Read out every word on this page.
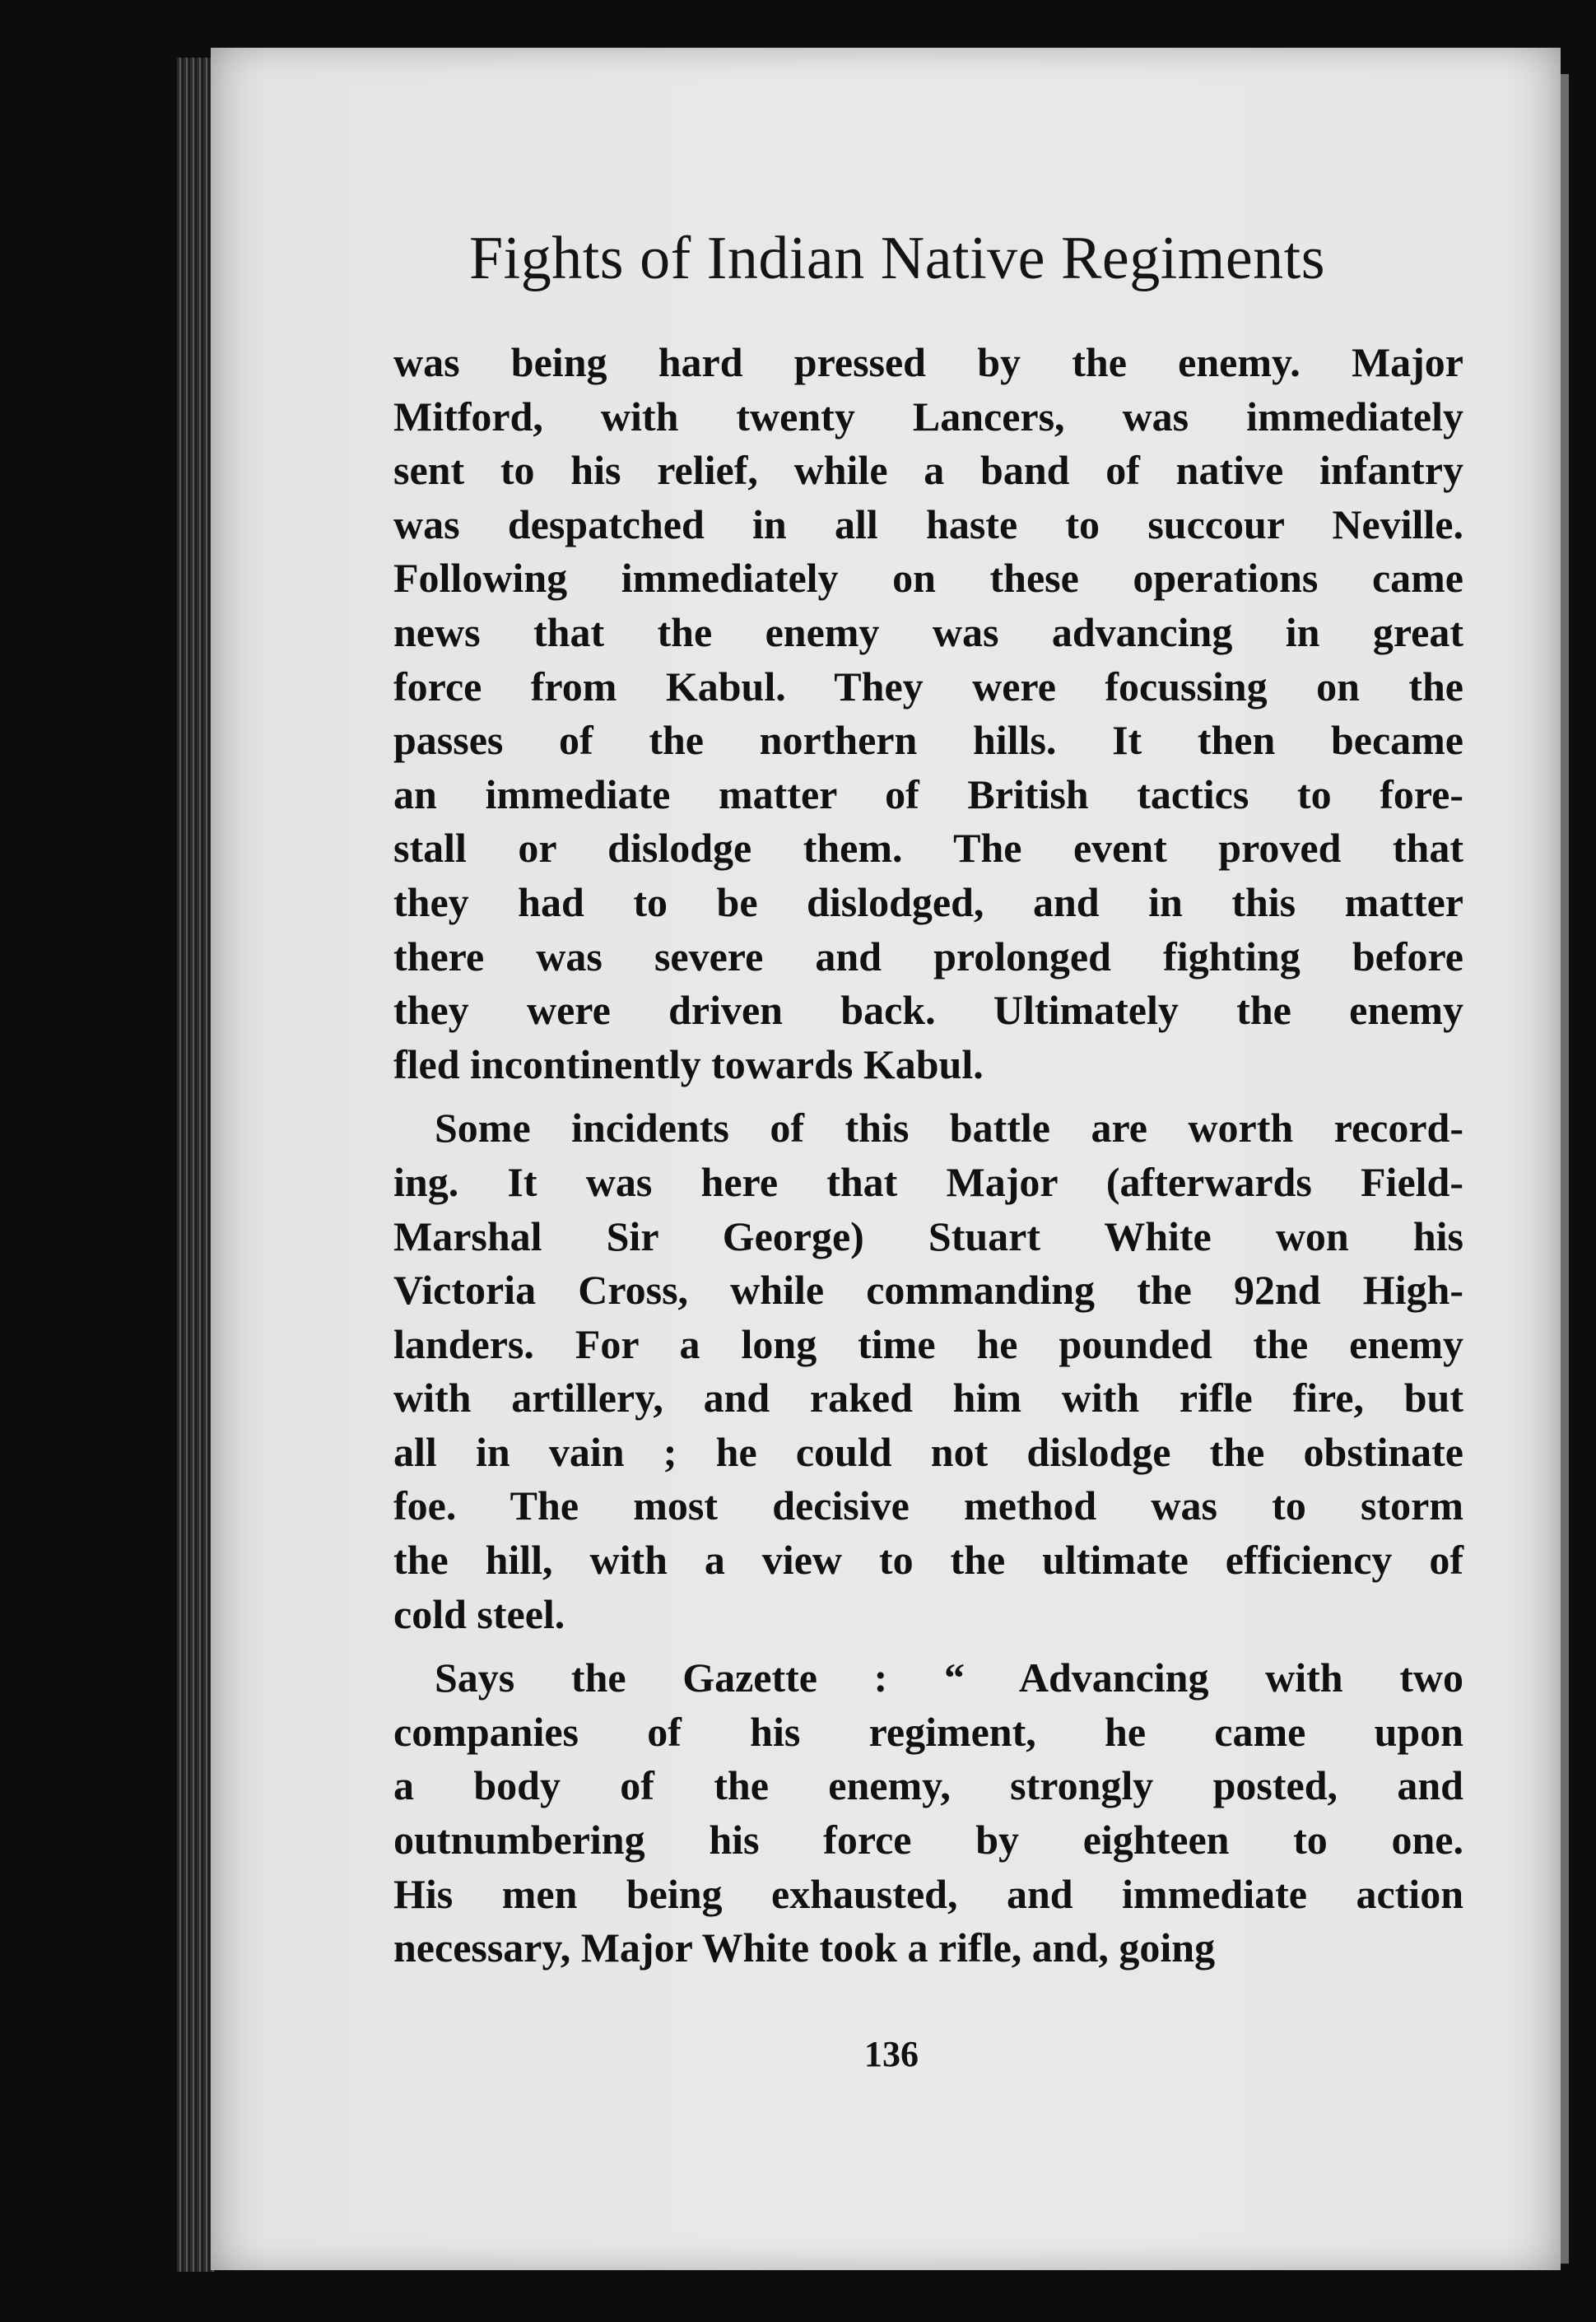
Fights of Indian Native Regiments
was being hard pressed by the enemy. Major
Mitford, with twenty Lancers, was immediately
sent to his relief, while a band of native infantry
was despatched in all haste to succour Neville.
Following immediately on these operations came
news that the enemy was advancing in great
force from Kabul. They were focussing on the
passes of the northern hills. It then became
an immediate matter of British tactics to fore-
stall or dislodge them. The event proved that
they had to be dislodged, and in this matter
there was severe and prolonged fighting before
they were driven back. Ultimately the enemy
fled incontinently towards Kabul.
Some incidents of this battle are worth record-
ing. It was here that Major (afterwards Field-
Marshal Sir George) Stuart White won his
Victoria Cross, while commanding the 92nd High-
landers. For a long time he pounded the enemy
with artillery, and raked him with rifle fire, but
all in vain ; he could not dislodge the obstinate
foe. The most decisive method was to storm
the hill, with a view to the ultimate efficiency of
cold steel.
Says the Gazette : “ Advancing with two
companies of his regiment, he came upon
a body of the enemy, strongly posted, and
outnumbering his force by eighteen to one.
His men being exhausted, and immediate action
necessary, Major White took a rifle, and, going
136
